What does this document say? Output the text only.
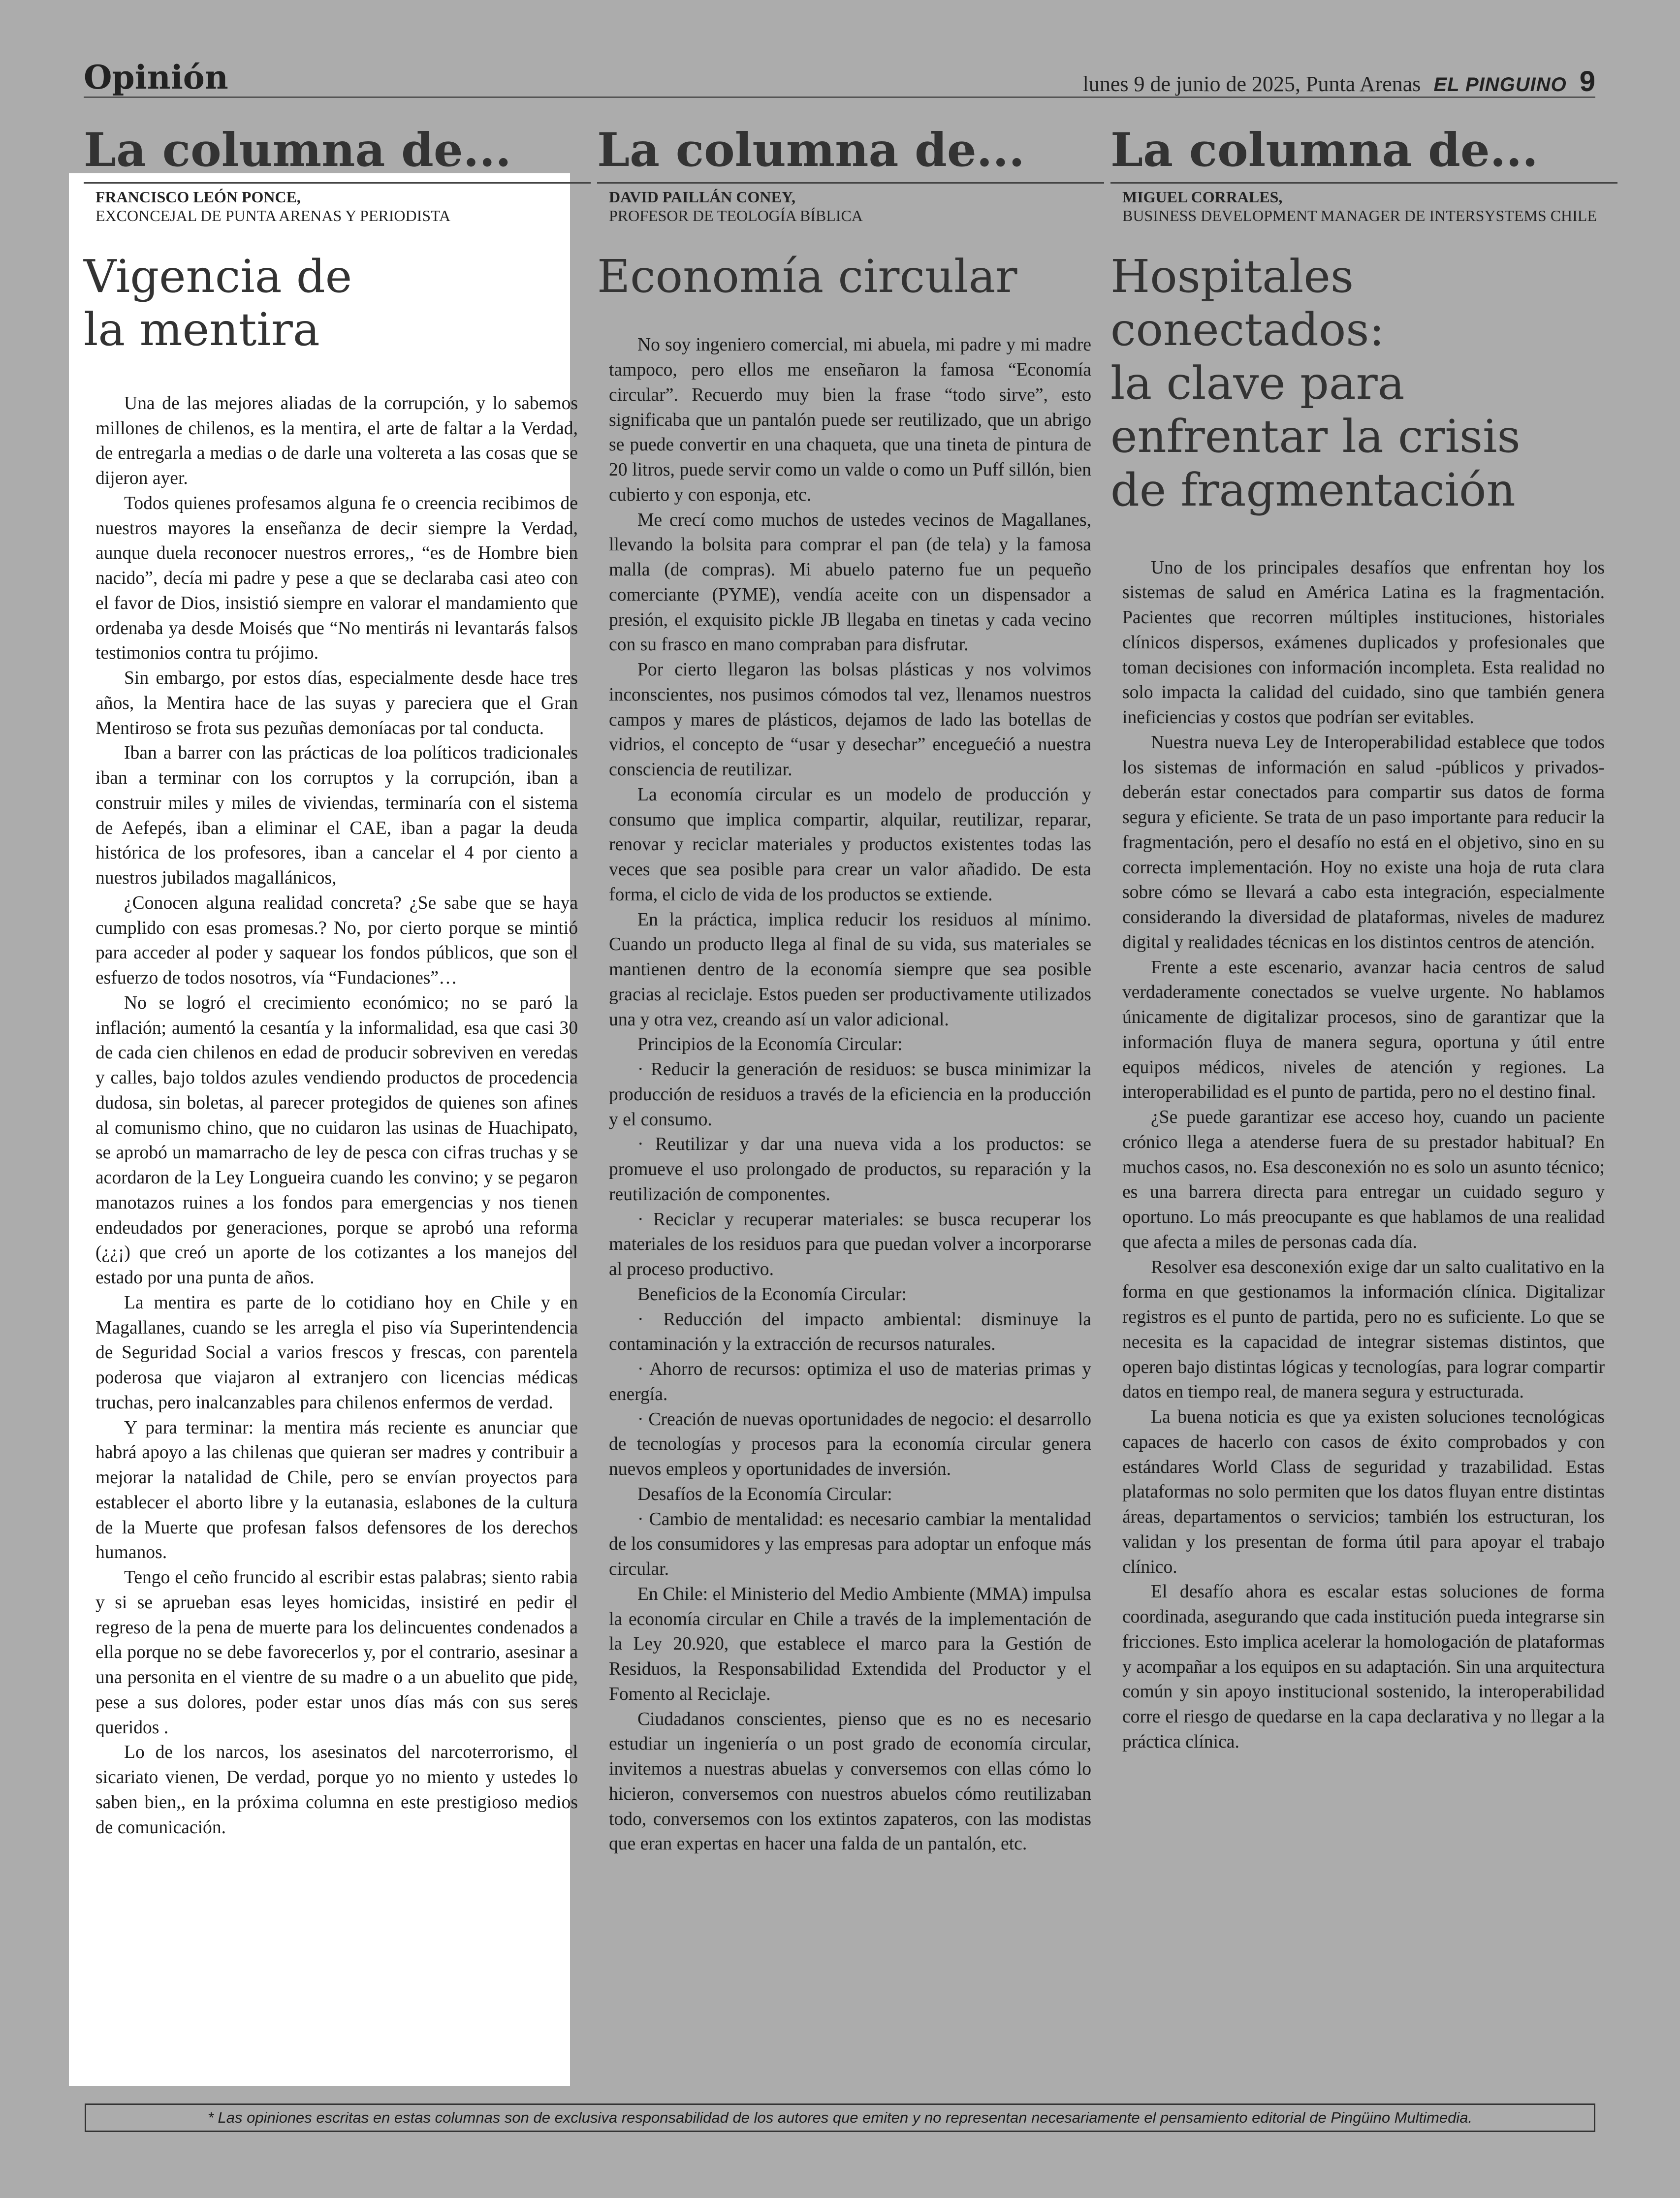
Opinión	lunes 9 de junio de 2025, Punta Arenas EL PINGUINO 9
La columna de...
FRANCISCO LEÓN PONCE,
EXCONCEJAL DE PUNTA ARENAS Y PERIODISTA
Vigencia de
la mentira

Una de las mejores aliadas de la corrupción, y lo sabemos millones de chilenos, es la mentira, el arte de faltar a la Verdad, de entregarla a medias o de darle una voltereta a las cosas que se dijeron ayer.

Todos quienes profesamos alguna fe o creencia recibimos de nuestros mayores la enseñanza de decir siempre la Verdad, aunque duela reconocer nuestros errores,, “es de Hombre bien nacido”, decía mi padre y pese a que se declaraba casi ateo con el favor de Dios, insistió siempre en valorar el mandamiento que ordenaba ya desde Moisés que “No mentirás ni levantarás falsos testimonios contra tu prójimo.

Sin embargo, por estos días, especialmente desde hace tres años, la Mentira hace de las suyas y pareciera que el Gran Mentiroso se frota sus pezuñas demoníacas por tal conducta.

Iban a barrer con las prácticas de loa políticos tradicionales iban a terminar con los corruptos y la corrupción, iban a construir miles y miles de viviendas, terminaría con el sistema de Aefepés, iban a eliminar el CAE, iban a pagar la deuda histórica de los profesores, iban a cancelar el 4 por ciento a nuestros jubilados magallánicos,

¿Conocen alguna realidad concreta? ¿Se sabe que se haya cumplido con esas promesas.? No, por cierto porque se mintió para acceder al poder y saquear los fondos públicos, que son el esfuerzo de todos nosotros, vía “Fundaciones”…

No se logró el crecimiento económico; no se paró la inflación; aumentó la cesantía y la informalidad, esa que casi 30 de cada cien chilenos en edad de producir sobreviven en veredas y calles, bajo toldos azules vendiendo productos de procedencia dudosa, sin boletas, al parecer protegidos de quienes son afines al comunismo chino, que no cuidaron las usinas de Huachipato, se aprobó un mamarracho de ley de pesca con cifras truchas y se acordaron de la Ley Longueira cuando les convino; y se pegaron manotazos ruines a los fondos para emergencias y nos tienen endeudados por generaciones, porque se aprobó una reforma (¿¿¡) que creó un aporte de los cotizantes a los manejos del estado por una punta de años.

La mentira es parte de lo cotidiano hoy en Chile y en Magallanes, cuando se les arregla el piso vía Superintendencia de Seguridad Social a varios frescos y frescas, con parentela poderosa que viajaron al extranjero con licencias médicas truchas, pero inalcanzables para chilenos enfermos de verdad.

Y para terminar: la mentira más reciente es anunciar que habrá apoyo a las chilenas que quieran ser madres y contribuir a mejorar la natalidad de Chile, pero se envían proyectos para establecer el aborto libre y la eutanasia, eslabones de la cultura de la Muerte que profesan falsos defensores de los derechos humanos.

Tengo el ceño fruncido al escribir estas palabras; siento rabia y si se aprueban esas leyes homicidas, insistiré en pedir el regreso de la pena de muerte para los delincuentes condenados a ella porque no se debe favorecerlos y, por el contrario, asesinar a una personita en el vientre de su madre o a un abuelito que pide, pese a sus dolores, poder estar unos días más con sus seres queridos .

Lo de los narcos, los asesinatos del narcoterrorismo, el sicariato vienen, De verdad, porque yo no miento y ustedes lo saben bien,, en la próxima columna en este prestigioso medios de comunicación.

La columna de...
DAVID PAILLÁN CONEY,
PROFESOR DE TEOLOGÍA BÍBLICA
Economía circular

No soy ingeniero comercial, mi abuela, mi padre y mi madre tampoco, pero ellos me enseñaron la famosa “Economía circular”. Recuerdo muy bien la frase “todo sirve”, esto significaba que un pantalón puede ser reutilizado, que un abrigo se puede convertir en una chaqueta, que una tineta de pintura de 20 litros, puede servir como un valde o como un Puff sillón, bien cubierto y con esponja, etc.

Me crecí como muchos de ustedes vecinos de Magallanes, llevando la bolsita para comprar el pan (de tela) y la famosa malla (de compras). Mi abuelo paterno fue un pequeño comerciante (PYME), vendía aceite con un dispensador a presión, el exquisito pickle JB llegaba en tinetas y cada vecino con su frasco en mano compraban para disfrutar.

Por cierto llegaron las bolsas plásticas y nos volvimos inconscientes, nos pusimos cómodos tal vez, llenamos nuestros campos y mares de plásticos, dejamos de lado las botellas de vidrios, el concepto de “usar y desechar” enceguećió a nuestra consciencia de reutilizar.

La economía circular es un modelo de producción y consumo que implica compartir, alquilar, reutilizar, reparar, renovar y reciclar materiales y productos existentes todas las veces que sea posible para crear un valor añadido. De esta forma, el ciclo de vida de los productos se extiende.

En la práctica, implica reducir los residuos al mínimo. Cuando un producto llega al final de su vida, sus materiales se mantienen dentro de la economía siempre que sea posible gracias al reciclaje. Estos pueden ser productivamente utilizados una y otra vez, creando así un valor adicional.

Principios de la Economía Circular:

· Reducir la generación de residuos: se busca minimizar la producción de residuos a través de la eficiencia en la producción y el consumo.

· Reutilizar y dar una nueva vida a los productos: se promueve el uso prolongado de productos, su reparación y la reutilización de componentes.

· Reciclar y recuperar materiales: se busca recuperar los materiales de los residuos para que puedan volver a incorporarse al proceso productivo.

Beneficios de la Economía Circular:

· Reducción del impacto ambiental: disminuye la contaminación y la extracción de recursos naturales.

· Ahorro de recursos: optimiza el uso de materias primas y energía.

· Creación de nuevas oportunidades de negocio: el desarrollo de tecnologías y procesos para la economía circular genera nuevos empleos y oportunidades de inversión.

Desafíos de la Economía Circular:

· Cambio de mentalidad: es necesario cambiar la mentalidad de los consumidores y las empresas para adoptar un enfoque más circular.

En Chile: el Ministerio del Medio Ambiente (MMA) impulsa la economía circular en Chile a través de la implementación de la Ley 20.920, que establece el marco para la Gestión de Residuos, la Responsabilidad Extendida del Productor y el Fomento al Reciclaje.

Ciudadanos conscientes, pienso que es no es necesario estudiar un ingeniería o un post grado de economía circular, invitemos a nuestras abuelas y conversemos con ellas cómo lo hicieron, conversemos con nuestros abuelos cómo reutilizaban todo, conversemos con los extintos zapateros, con las modistas que eran expertas en hacer una falda de un pantalón, etc.

La columna de...
MIGUEL CORRALES,
BUSINESS DEVELOPMENT MANAGER DE INTERSYSTEMS CHILE
Hospitales conectados:
la clave para
enfrentar la crisis
de fragmentación

Uno de los principales desafíos que enfrentan hoy los sistemas de salud en América Latina es la fragmentación. Pacientes que recorren múltiples instituciones, historiales clínicos dispersos, exámenes duplicados y profesionales que toman decisiones con información incompleta. Esta realidad no solo impacta la calidad del cuidado, sino que también genera ineficiencias y costos que podrían ser evitables.

Nuestra nueva Ley de Interoperabilidad establece que todos los sistemas de información en salud -públicos y privados- deberán estar conectados para compartir sus datos de forma segura y eficiente. Se trata de un paso importante para reducir la fragmentación, pero el desafío no está en el objetivo, sino en su correcta implementación. Hoy no existe una hoja de ruta clara sobre cómo se llevará a cabo esta integración, especialmente considerando la diversidad de plataformas, niveles de madurez digital y realidades técnicas en los distintos centros de atención.

Frente a este escenario, avanzar hacia centros de salud verdaderamente conectados se vuelve urgente. No hablamos únicamente de digitalizar procesos, sino de garantizar que la información fluya de manera segura, oportuna y útil entre equipos médicos, niveles de atención y regiones. La interoperabilidad es el punto de partida, pero no el destino final.

¿Se puede garantizar ese acceso hoy, cuando un paciente crónico llega a atenderse fuera de su prestador habitual? En muchos casos, no. Esa desconexión no es solo un asunto técnico; es una barrera directa para entregar un cuidado seguro y oportuno. Lo más preocupante es que hablamos de una realidad que afecta a miles de personas cada día.

Resolver esa desconexión exige dar un salto cualitativo en la forma en que gestionamos la información clínica. Digitalizar registros es el punto de partida, pero no es suficiente. Lo que se necesita es la capacidad de integrar sistemas distintos, que operen bajo distintas lógicas y tecnologías, para lograr compartir datos en tiempo real, de manera segura y estructurada.

La buena noticia es que ya existen soluciones tecnológicas capaces de hacerlo con casos de éxito comprobados y con estándares World Class de seguridad y trazabilidad. Estas plataformas no solo permiten que los datos fluyan entre distintas áreas, departamentos o servicios; también los estructuran, los validan y los presentan de forma útil para apoyar el trabajo clínico.

El desafío ahora es escalar estas soluciones de forma coordinada, asegurando que cada institución pueda integrarse sin fricciones. Esto implica acelerar la homologación de plataformas y acompañar a los equipos en su adaptación. Sin una arquitectura común y sin apoyo institucional sostenido, la interoperabilidad corre el riesgo de quedarse en la capa declarativa y no llegar a la práctica clínica.

* Las opiniones escritas en estas columnas son de exclusiva responsabilidad de los autores que emiten y no representan necesariamente el pensamiento editorial de Pingüino Multimedia.
